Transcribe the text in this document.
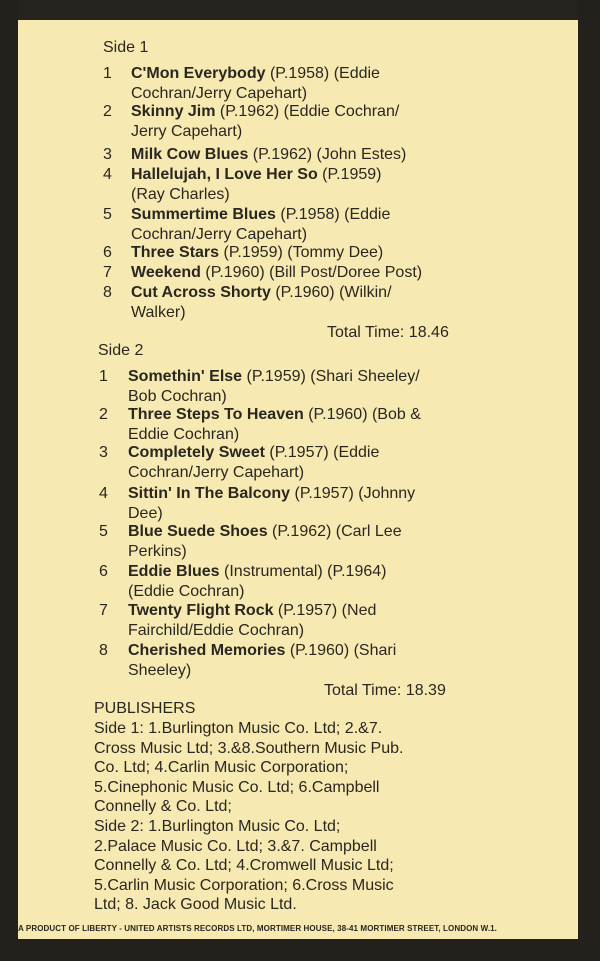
Side 1
1 C'Mon Everybody (P.1958) (Eddie
Cochran/Jerry Capehart)
2 Skinny Jim (P.1962) (Eddie Cochran/
Jerry Capehart)
3 Milk Cow Blues (P.1962) (John Estes)
4 Hallelujah, I Love Her So (P.1959)
(Ray Charles)
5 Summertime Blues (P.1958) (Eddie
Cochran/Jerry Capehart)
6 Three Stars (P.1959) (Tommy Dee)
7 Weekend (P.1960) (Bill Post/Doree Post)
8 Cut Across Shorty (P.1960) (Wilkin/
Walker)
Total Time: 18.46
Side 2
1 Somethin' Else (P.1959) (Shari Sheeley/
Bob Cochran)
2 Three Steps To Heaven (P.1960) (Bob &
Eddie Cochran)
3 Completely Sweet (P.1957) (Eddie
Cochran/Jerry Capehart)
4 Sittin' In The Balcony (P.1957) (Johnny
Dee)
5 Blue Suede Shoes (P.1962) (Carl Lee
Perkins)
6 Eddie Blues (Instrumental) (P.1964)
(Eddie Cochran)
7 Twenty Flight Rock (P.1957) (Ned
Fairchild/Eddie Cochran)
8 Cherished Memories (P.1960) (Shari
Sheeley)
Total Time: 18.39
PUBLISHERS
Side 1: 1.Burlington Music Co. Ltd; 2.&7.
Cross Music Ltd; 3.&8.Southern Music Pub.
Co. Ltd; 4.Carlin Music Corporation;
5.Cinephonic Music Co. Ltd; 6.Campbell
Connelly & Co. Ltd;
Side 2: 1.Burlington Music Co. Ltd;
2.Palace Music Co. Ltd; 3.&7. Campbell
Connelly & Co. Ltd; 4.Cromwell Music Ltd;
5.Carlin Music Corporation; 6.Cross Music
Ltd; 8. Jack Good Music Ltd.
A PRODUCT OF LIBERTY - UNITED ARTISTS RECORDS LTD, MORTIMER HOUSE, 38-41 MORTIMER STREET, LONDON W.1.
